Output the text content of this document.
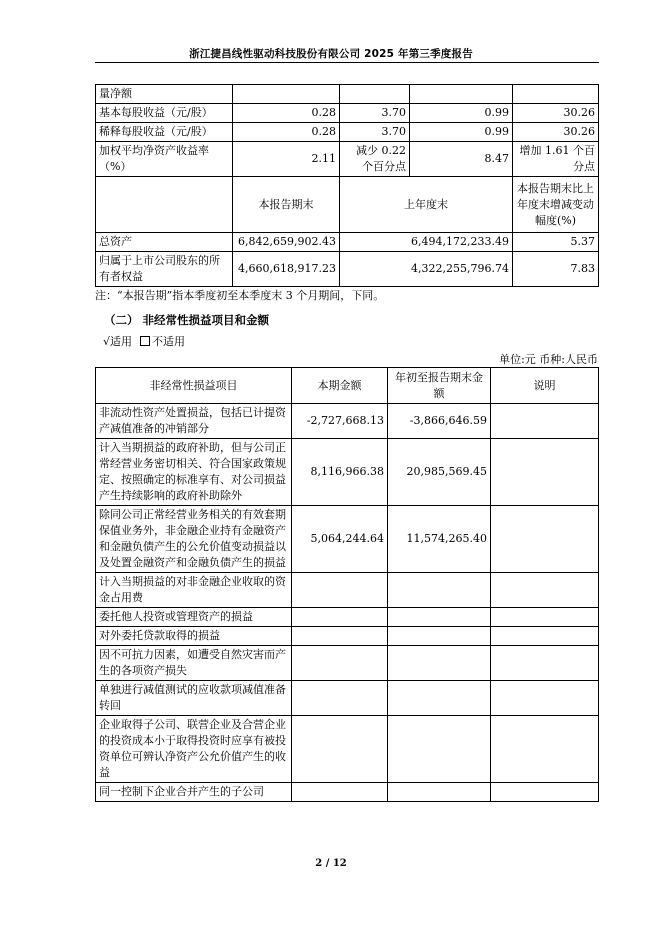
浙江捷昌线性驱动科技股份有限公司 2025 年第三季度报告
量净额				
基本每股收益（元/股）	0.28	3.70	0.99	30.26
稀释每股收益（元/股）	0.28	3.70	0.99	30.26
加权平均净资产收益率（%）	2.11	减少 0.22 个百分点	8.47	增加 1.61 个百分点
	本报告期末	上年度末		本报告期末比上年度末增减变动幅度(%)
总资产	6,842,659,902.43	6,494,172,233.49		5.37
归属于上市公司股东的所有者权益	4,660,618,917.23	4,322,255,796.74		7.83
注：“本报告期”指本季度初至本季度末 3 个月期间，下同。
（二） 非经常性损益项目和金额
√适用 不适用
单位:元 币种:人民币
非经常性损益项目	本期金额	年初至报告期末金额	说明
非流动性资产处置损益，包括已计提资产减值准备的冲销部分	-2,727,668.13	-3,866,646.59	
计入当期损益的政府补助，但与公司正常经营业务密切相关、符合国家政策规定、按照确定的标准享有、对公司损益产生持续影响的政府补助除外	8,116,966.38	20,985,569.45	
除同公司正常经营业务相关的有效套期保值业务外，非金融企业持有金融资产和金融负债产生的公允价值变动损益以及处置金融资产和金融负债产生的损益	5,064,244.64	11,574,265.40	
计入当期损益的对非金融企业收取的资金占用费			
委托他人投资或管理资产的损益			
对外委托贷款取得的损益			
因不可抗力因素，如遭受自然灾害而产生的各项资产损失			
单独进行减值测试的应收款项减值准备转回			
企业取得子公司、联营企业及合营企业的投资成本小于取得投资时应享有被投资单位可辨认净资产公允价值产生的收益			
同一控制下企业合并产生的子公司			
2 / 12
